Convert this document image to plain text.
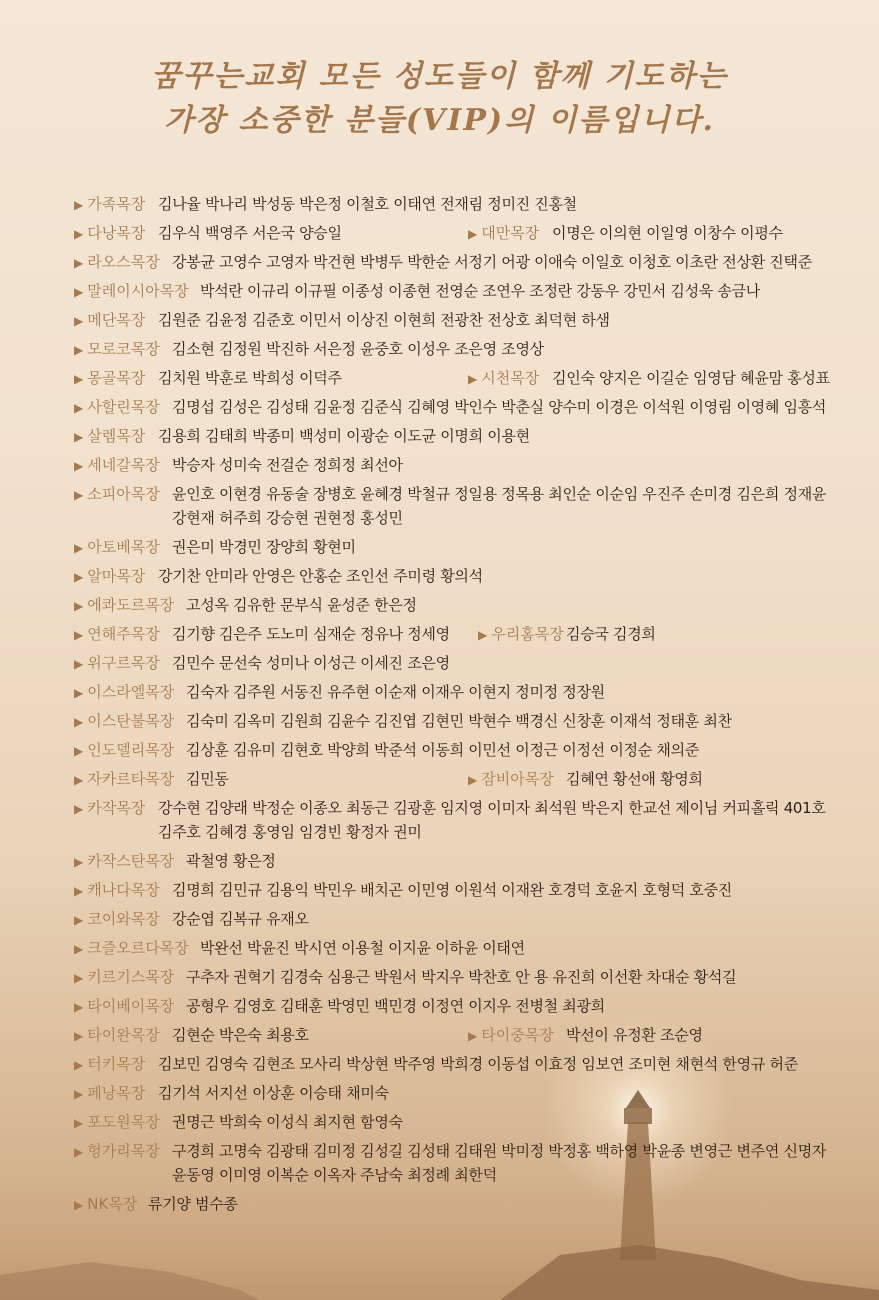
꿈꾸는교회 모든 성도들이 함께 기도하는
가장 소중한 분들(VIP)의 이름입니다.
▶ 가족목장 김나율 박나리 박성동 박은정 이철호 이태연 전재림 정미진 진홍철
▶ 다낭목장 김우식 백영주 서은국 양승일	▶ 대만목장 이명은 이의현 이일영 이창수 이평수
▶ 라오스목장 강봉균 고영수 고영자 박건현 박병두 박한순 서정기 어광 이애숙 이일호 이청호 이초란 전상환 진택준
▶ 말레이시아목장 박석란 이규리 이규필 이종성 이종현 전영순 조연우 조정란 강동우 강민서 김성욱 송금나
▶ 메단목장 김원준 김윤정 김준호 이민서 이상진 이현희 전광찬 전상호 최덕현 하샘
▶ 모로코목장 김소현 김정원 박진하 서은정 윤중호 이성우 조은영 조영상
▶ 몽골목장 김치원 박훈로 박희성 이덕주	▶ 시천목장 김인숙 양지은 이길순 임영담 혜윤맘 홍성표
▶ 사할린목장 김명섭 김성은 김성태 김윤정 김준식 김혜영 박인수 박춘실 양수미 이경은 이석원 이영림 이영혜 임흥석
▶ 살렘목장 김용희 김태희 박종미 백성미 이광순 이도균 이명희 이용현
▶ 세네갈목장 박승자 성미숙 전걸순 정희정 최선아
▶ 소피아목장 윤인호 이현경 유동술 장병호 윤혜경 박철규 정일용 정목용 최인순 이순임 우진주 손미경 김은희 정재윤
강현재 허주희 강승현 권현정 홍성민
▶ 아토베목장 권은미 박경민 장양희 황현미
▶ 알마목장 강기찬 안미라 안영은 안홍순 조인선 주미령 황의석
▶ 에콰도르목장 고성옥 김유한 문부식 윤성준 한은정
▶ 연해주목장 김기향 김은주 도노미 심재순 정유나 정세영 ▶ 우리홈목장 김승국 김경희
▶ 위구르목장 김민수 문선숙 성미나 이성근 이세진 조은영
▶ 이스라엘목장 김숙자 김주원 서동진 유주현 이순재 이재우 이현지 정미정 정장원
▶ 이스탄불목장 김숙미 김옥미 김원희 김윤수 김진엽 김현민 박현수 백경신 신창훈 이재석 정태훈 최찬
▶ 인도델리목장 김상훈 김유미 김현호 박양희 박준석 이동희 이민선 이정근 이정선 이정순 채의준
▶ 자카르타목장 김민동	▶ 잠비아목장 김혜연 황선애 황영희
▶ 카작목장 강수현 김양래 박정순 이종오 최동근 김광훈 임지영 이미자 최석원 박은지 한교선 제이님 커피홀릭 401호
김주호 김혜경 홍영임 임경빈 황정자 권미
▶ 카작스탄목장 곽철영 황은정
▶ 캐나다목장 김명희 김민규 김용익 박민우 배치곤 이민영 이원석 이재완 호경덕 호윤지 호형덕 호중진
▶ 코이와목장 강순엽 김복규 유재오
▶ 크즐오르다목장 박완선 박윤진 박시연 이용철 이지윤 이하윤 이태연
▶ 키르기스목장 구추자 권혁기 김경숙 심용근 박원서 박지우 박찬호 안 용 유진희 이선환 차대순 황석길
▶ 타이베이목장 공형우 김영호 김태훈 박영민 백민경 이정연 이지우 전병철 최광희
▶ 타이완목장 김현순 박은숙 최용호	▶ 타이중목장 박선이 유정환 조순영
▶ 터키목장 김보민 김영숙 김현조 모사리 박상현 박주영 박희경 이동섭 이효정 임보연 조미현 채현석 한영규 허준
▶ 페낭목장 김기석 서지선 이상훈 이승태 채미숙
▶ 포도원목장 권명근 박희숙 이성식 최지현 함영숙
▶ 헝가리목장 구경희 고명숙 김광태 김미정 김성길 김성태 김태원 박미정 박정홍 백하영 박윤종 변영근 변주연 신명자
윤동영 이미영 이복순 이옥자 주남숙 최정례 최한덕
▶ NK목장 류기양 범수종
